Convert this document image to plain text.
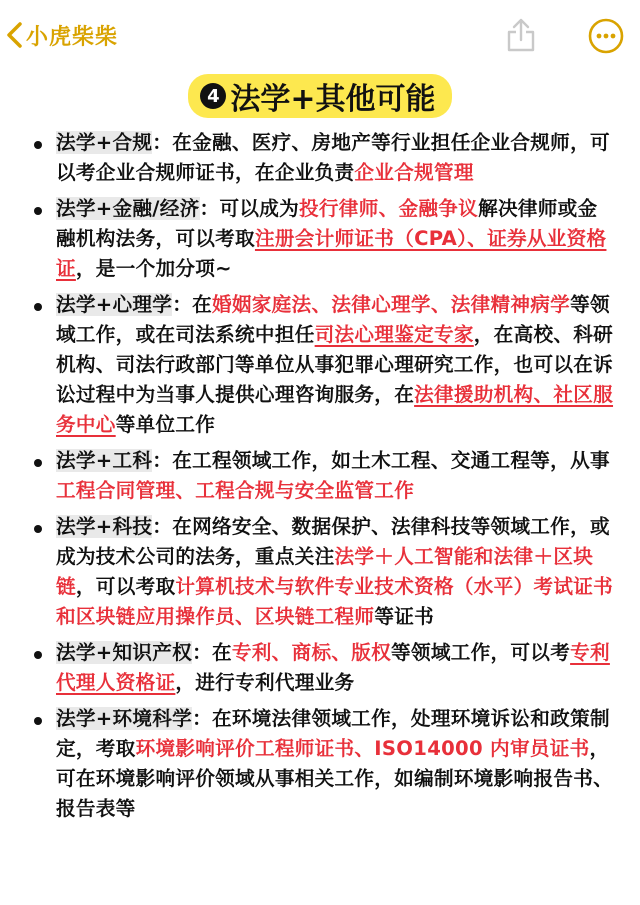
小虎柴柴
4 法学+其他可能
法学+合规：在金融、医疗、房地产等行业担任企业合规师，可以考企业合规师证书，在企业负责企业合规管理
法学+金融/经济：可以成为投行律师、金融争议解决律师或金融机构法务，可以考取注册会计师证书（CPA）、证券从业资格证，是一个加分项~
法学+心理学：在婚姻家庭法、法律心理学、法律精神病学等领域工作，或在司法系统中担任司法心理鉴定专家，在高校、科研机构、司法行政部门等单位从事犯罪心理研究工作，也可以在诉讼过程中为当事人提供心理咨询服务，在法律援助机构、社区服务中心等单位工作
法学+工科：在工程领域工作，如土木工程、交通工程等，从事工程合同管理、工程合规与安全监管工作
法学+科技：在网络安全、数据保护、法律科技等领域工作，或成为技术公司的法务，重点关注法学＋人工智能和法律＋区块链，可以考取计算机技术与软件专业技术资格（水平）考试证书和区块链应用操作员、区块链工程师等证书
法学+知识产权：在专利、商标、版权等领域工作，可以考专利代理人资格证，进行专利代理业务
法学+环境科学：在环境法律领域工作，处理环境诉讼和政策制定，考取环境影响评价工程师证书、ISO14000 内审员证书，可在环境影响评价领域从事相关工作，如编制环境影响报告书、报告表等
